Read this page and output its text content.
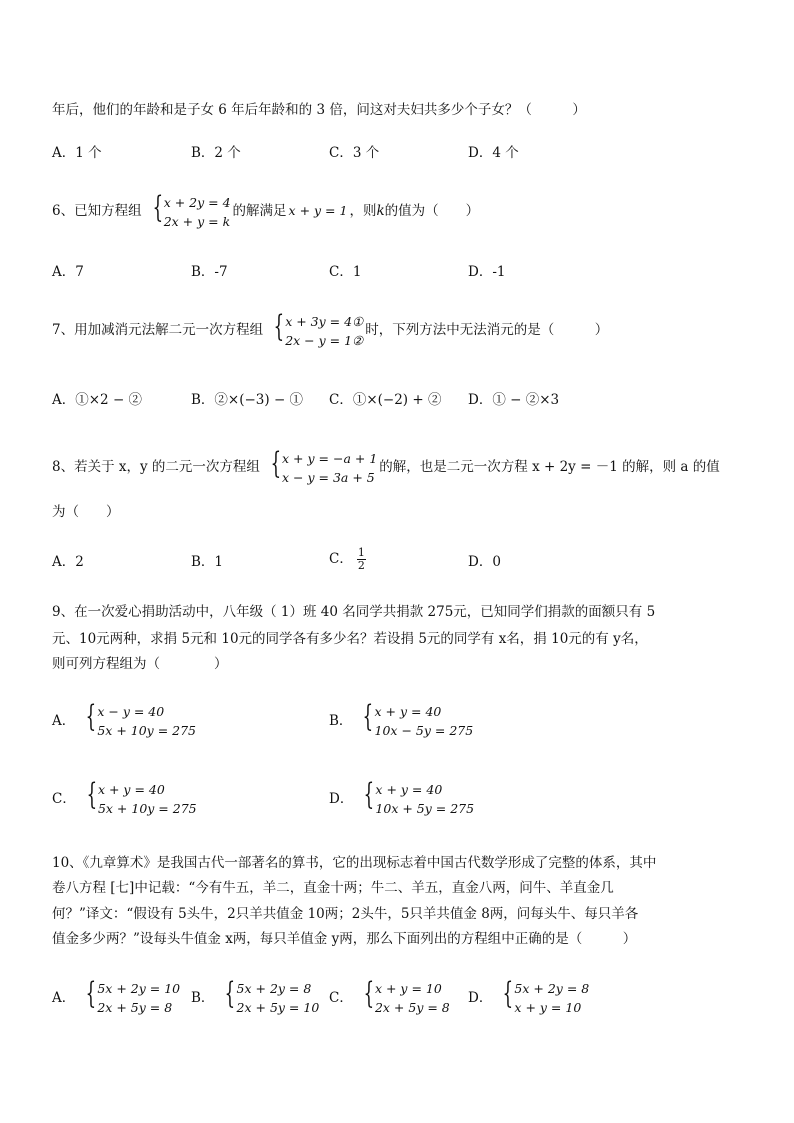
年后，他们的年龄和是子女 6 年后年龄和的 3 倍，问这对夫妇共多少个子女？（　　　）
A．1 个	B．2 个	C．3 个	D．4 个
6、已知方程组 { x + 2y = 4
2x + y = k
的解满足 x + y = 1 ，则k的值为（　　）
A．7	B．-7	C．1	D．-1
7、用加减消元法解二元一次方程组 { x + 3y = 4①
2x − y = 1②
时，下列方法中无法消元的是（　　　）
A．①×2 − ②	B．②×(−3) − ① C．①×(−2) + ② D．① − ②×3
8、若关于 x，y 的二元一次方程组 { x + y = −a + 1
x − y = 3a + 5
的解，也是二元一次方程 x + 2y = －1 的解，则 a 的值
为（　　）
A．2	B．1	C． $\frac{1}{2}$	D．0
9、在一次爱心捐助活动中，八年级（ 1）班 40 名同学共捐款 275元，已知同学们捐款的面额只有 5
元、10元两种，求捐 5元和 10元的同学各有多少名？若设捐 5元的同学有 x名，捐 10元的有 y名，
则可列方程组为（　　　　）
A． { x − y = 40
5x + 10y = 275
B． { x + y = 40
10x − 5y = 275
C． { x + y = 40
5x + 10y = 275
D． { x + y = 40
10x + 5y = 275
10、《九章算术》是我国古代一部著名的算书，它的出现标志着中国古代数学形成了完整的体系，其中
卷八方程 [七]中记载：“今有牛五，羊二，直金十两；牛二、羊五，直金八两，问牛、羊直金几
何？”译文：“假设有 5头牛，2只羊共值金 10两；2头牛，5只羊共值金 8两，问每头牛、每只羊各
值金多少两？”设每头牛值金 x两，每只羊值金 y两，那么下面列出的方程组中正确的是（　　　）
A． { 5x + 2y = 10
2x + 5y = 8
B． { 5x + 2y = 8
2x + 5y = 10
C． { x + y = 10
2x + 5y = 8
D． { 5x + 2y = 8
x + y = 10
